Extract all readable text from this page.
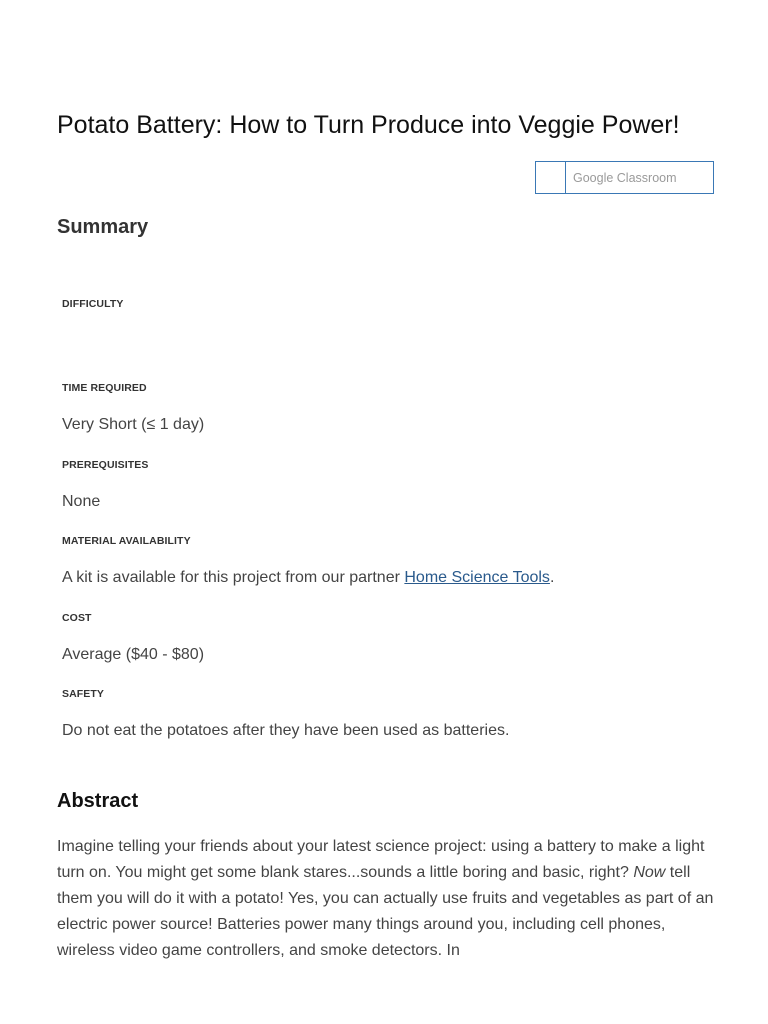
Potato Battery: How to Turn Produce into Veggie Power!
Google Classroom
Summary
DIFFICULTY
TIME REQUIRED
Very Short (≤ 1 day)
PREREQUISITES
None
MATERIAL AVAILABILITY
A kit is available for this project from our partner Home Science Tools.
COST
Average ($40 - $80)
SAFETY
Do not eat the potatoes after they have been used as batteries.
Abstract

Imagine telling your friends about your latest science project: using a battery to make a light turn on. You might get some blank stares...sounds a little boring and basic, right? Now tell them you will do it with a potato! Yes, you can actually use fruits and vegetables as part of an electric power source! Batteries power many things around you, including cell phones, wireless video game controllers, and smoke detectors. In
